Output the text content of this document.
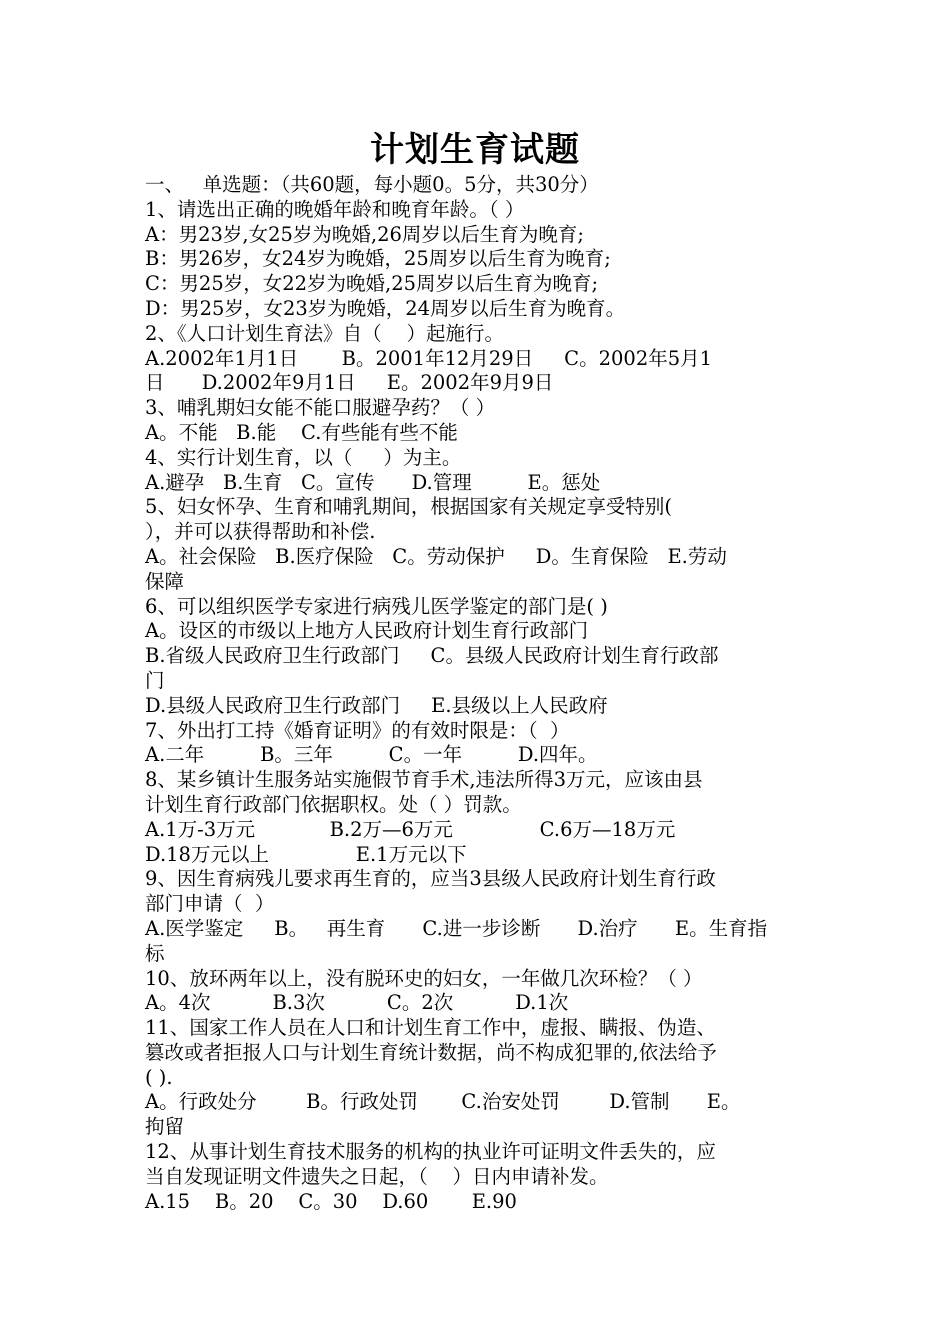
计划生育试题
一、   单选题：（共60题，每小题0。5分，共30分）
1、请选出正确的晚婚年龄和晚育年龄。（ ）
A：男23岁,女25岁为晚婚,26周岁以后生育为晚育;
B：男26岁，女24岁为晚婚，25周岁以后生育为晚育;
C：男25岁，女22岁为晚婚,25周岁以后生育为晚育;
D：男25岁，女23岁为晚婚，24周岁以后生育为晚育。
2、《人口计划生育法》自（    ）起施行。
A.2002年1月1日       B。2001年12月29日     C。2002年5月1
日      D.2002年9月1日     E。2002年9月9日
3、哺乳期妇女能不能口服避孕药？（ ）
A。不能   B.能    C.有些能有些不能
4、实行计划生育，以（     ）为主。
A.避孕   B.生育   C。宣传      D.管理         E。惩处
5、妇女怀孕、生育和哺乳期间，根据国家有关规定享受特别(
），并可以获得帮助和补偿.
A。社会保险   B.医疗保险   C。劳动保护     D。生育保险   E.劳动
保障
6、可以组织医学专家进行病残儿医学鉴定的部门是( )
A。设区的市级以上地方人民政府计划生育行政部门
B.省级人民政府卫生行政部门     C。县级人民政府计划生育行政部
门
D.县级人民政府卫生行政部门     E.县级以上人民政府
7、外出打工持《婚育证明》的有效时限是：（  ）
A.二年         B。三年         C。一年         D.四年。
8、某乡镇计生服务站实施假节育手术,违法所得3万元，应该由县
计划生育行政部门依据职权。处（ ）罚款。
A.1万-3万元            B.2万—6万元              C.6万—18万元
D.18万元以上              E.1万元以下
9、因生育病残儿要求再生育的，应当3县级人民政府计划生育行政
部门申请（  ）
A.医学鉴定     B。   再生育      C.进一步诊断      D.治疗      E。生育指
标
10、放环两年以上，没有脱环史的妇女，一年做几次环检？（ ）
A。4次          B.3次          C。2次          D.1次
11、国家工作人员在人口和计划生育工作中，虚报、瞒报、伪造、
篡改或者拒报人口与计划生育统计数据，尚不构成犯罪的,依法给予
( ).
A。行政处分        B。行政处罚       C.治安处罚        D.管制      E。
拘留
12、从事计划生育技术服务的机构的执业许可证明文件丢失的，应
当自发现证明文件遗失之日起，（    ）日内申请补发。
A.15    B。20    C。30    D.60       E.90
